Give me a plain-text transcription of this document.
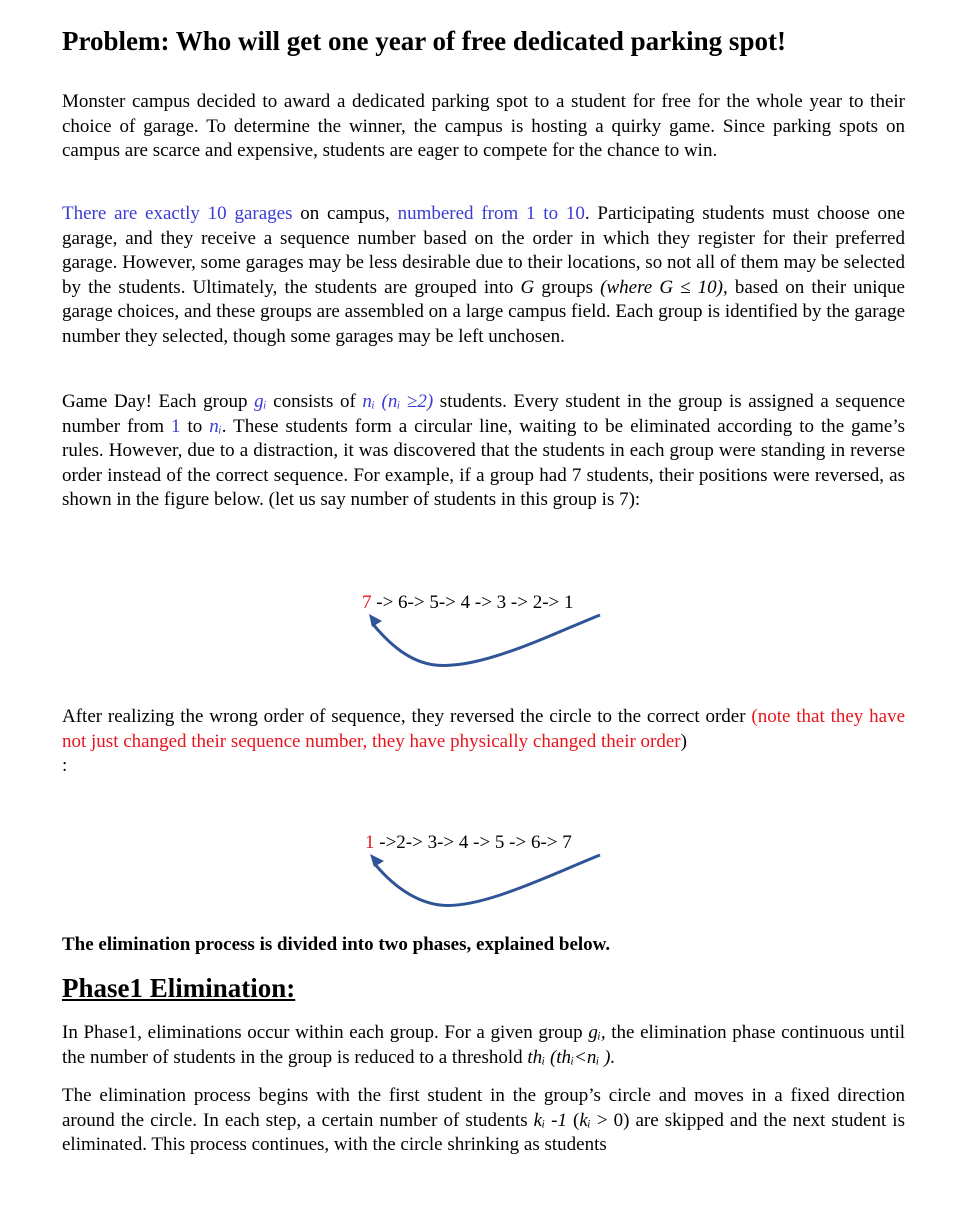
Problem: Who will get one year of free dedicated parking spot!

Monster campus decided to award a dedicated parking spot to a student for free for the whole year to their choice of garage. To determine the winner, the campus is hosting a quirky game. Since parking spots on campus are scarce and expensive, students are eager to compete for the chance to win.

There are exactly 10 garages on campus, numbered from 1 to 10. Participating students must choose one garage, and they receive a sequence number based on the order in which they register for their preferred garage. However, some garages may be less desirable due to their locations, so not all of them may be selected by the students. Ultimately, the students are grouped into G groups (where G ≤ 10), based on their unique garage choices, and these groups are assembled on a large campus field. Each group is identified by the garage number they selected, though some garages may be left unchosen.

Game Day! Each group gᵢ consists of nᵢ (nᵢ ≥2) students. Every student in the group is assigned a sequence number from 1 to nᵢ. These students form a circular line, waiting to be eliminated according to the game’s rules. However, due to a distraction, it was discovered that the students in each group were standing in reverse order instead of the correct sequence. For example, if a group had 7 students, their positions were reversed, as shown in the figure below. (let us say number of students in this group is 7):

7 -> 6-> 5-> 4 -> 3 -> 2-> 1

After realizing the wrong order of sequence, they reversed the circle to the correct order (note that they have not just changed their sequence number, they have physically changed their order)
:

1 ->2-> 3-> 4 -> 5 -> 6-> 7

The elimination process is divided into two phases, explained below.

Phase1 Elimination:

In Phase1, eliminations occur within each group. For a given group gᵢ, the elimination phase continuous until the number of students in the group is reduced to a threshold thᵢ (thᵢ<nᵢ ).

The elimination process begins with the first student in the group’s circle and moves in a fixed direction around the circle. In each step, a certain number of students kᵢ -1 (kᵢ > 0) are skipped and the next student is eliminated. This process continues, with the circle shrinking as students
